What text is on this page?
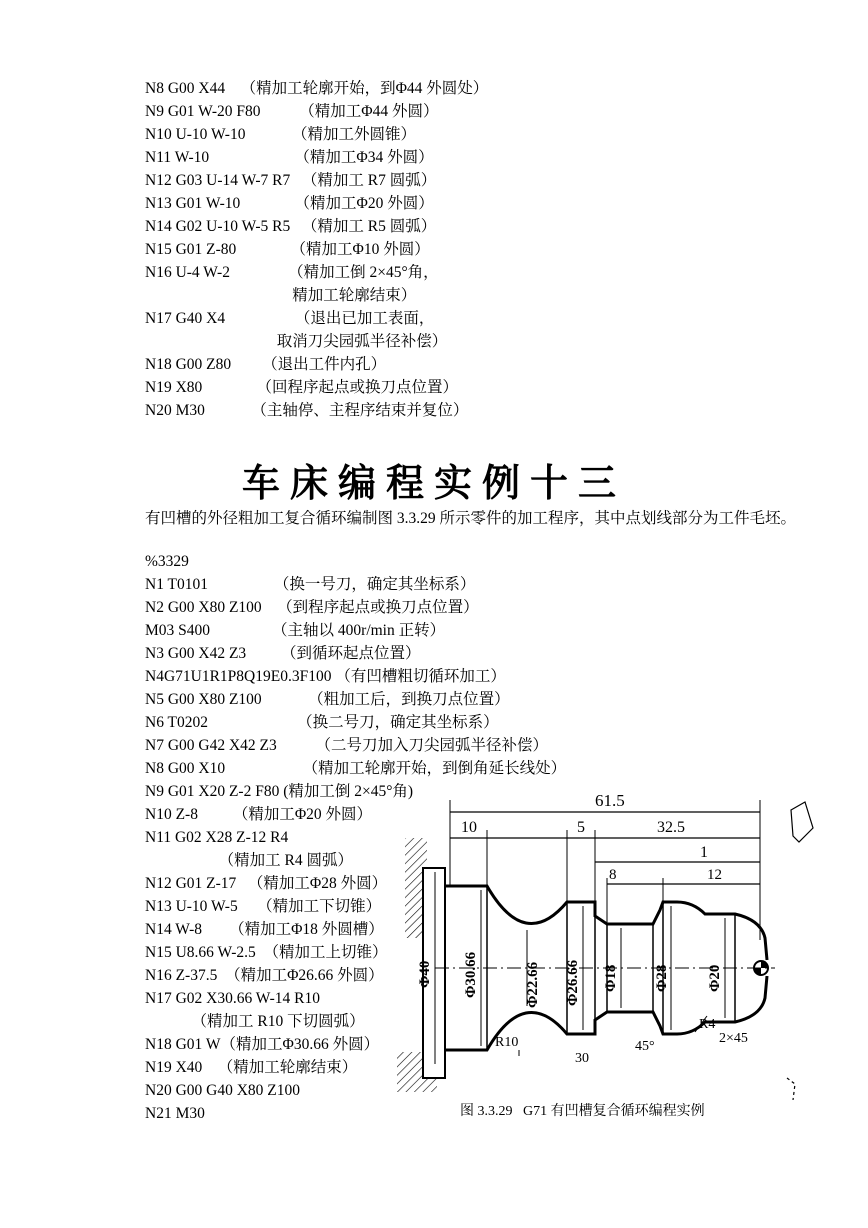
N8 G00 X44    （精加工轮廓开始，到Φ44 外圆处）
N9 G01 W-20 F80          （精加工Φ44 外圆）
N10 U-10 W-10            （精加工外圆锥）
N11 W-10                      （精加工Φ34 外圆）
N12 G03 U-14 W-7 R7   （精加工 R7 圆弧）
N13 G01 W-10              （精加工Φ20 外圆）
N14 G02 U-10 W-5 R5   （精加工 R5 圆弧）
N15 G01 Z-80              （精加工Φ10 外圆）
N16 U-4 W-2               （精加工倒 2×45°角，
精加工轮廓结束）
N17 G40 X4                  （退出已加工表面，
取消刀尖园弧半径补偿）
N18 G00 Z80        （退出工件内孔）
N19 X80              （回程序起点或换刀点位置）
N20 M30            （主轴停、主程序结束并复位）
车床编程实例十三
有凹槽的外径粗加工复合循环编制图 3.3.29 所示零件的加工程序，其中点划线部分为工件毛坯。
%3329
N1 T0101                 （换一号刀，确定其坐标系）
N2 G00 X80 Z100    （到程序起点或换刀点位置）
M03 S400                （主轴以 400r/min 正转）
N3 G00 X42 Z3         （到循环起点位置）
N4G71U1R1P8Q19E0.3F100 （有凹槽粗切循环加工）
N5 G00 X80 Z100            （粗加工后，到换刀点位置）
N6 T0202                       （换二号刀，确定其坐标系）
N7 G00 G42 X42 Z3          （二号刀加入刀尖园弧半径补偿）
N8 G00 X10                    （精加工轮廓开始，到倒角延长线处）
N9 G01 X20 Z-2 F80 (精加工倒 2×45°角)
N10 Z-8         （精加工Φ20 外圆）
N11 G02 X28 Z-12 R4
（精加工 R4 圆弧）
N12 G01 Z-17   （精加工Φ28 外圆）
N13 U-10 W-5     （精加工下切锥）
N14 W-8       （精加工Φ18 外圆槽）
N15 U8.66 W-2.5  （精加工上切锥）
N16 Z-37.5  （精加工Φ26.66 外圆）
N17 G02 X30.66 W-14 R10
（精加工 R10 下切圆弧）
N18 G01 W（精加工Φ30.66 外圆）
N19 X40    （精加工轮廓结束）
N20 G00 G40 X80 Z100
N21 M30
61.5
10	5	32.5
1
8	12
Φ40 Φ30.66	Φ22.66 Φ26.66 Φ18 Φ28 Φ20
R10
R4
30
45°
2×45
图 3.3.29   G71 有凹槽复合循环编程实例
